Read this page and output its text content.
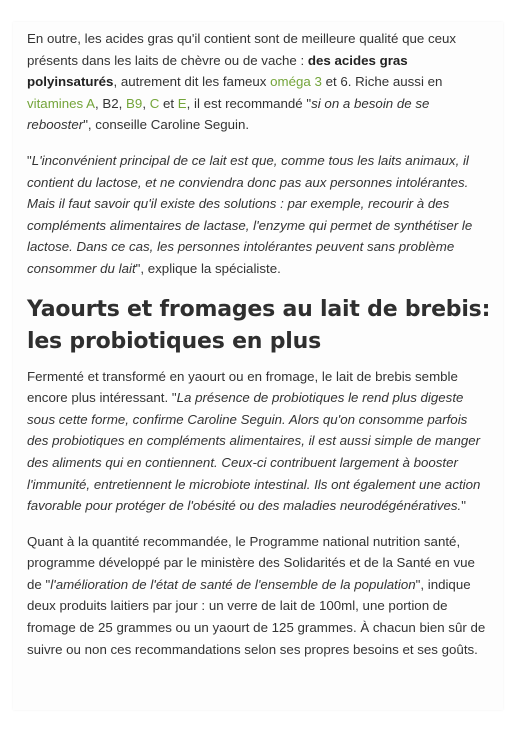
En outre, les acides gras qu'il contient sont de meilleure qualité que ceux présents dans les laits de chèvre ou de vache : des acides gras polyinsaturés, autrement dit les fameux oméga 3 et 6. Riche aussi en vitamines A, B2, B9, C et E, il est recommandé "si on a besoin de se rebooster", conseille Caroline Seguin.

"L'inconvénient principal de ce lait est que, comme tous les laits animaux, il contient du lactose, et ne conviendra donc pas aux personnes intolérantes. Mais il faut savoir qu'il existe des solutions : par exemple, recourir à des compléments alimentaires de lactase, l'enzyme qui permet de synthétiser le lactose. Dans ce cas, les personnes intolérantes peuvent sans problème consommer du lait", explique la spécialiste.

Yaourts et fromages au lait de brebis: les probiotiques en plus

Fermenté et transformé en yaourt ou en fromage, le lait de brebis semble encore plus intéressant. "La présence de probiotiques le rend plus digeste sous cette forme, confirme Caroline Seguin. Alors qu'on consomme parfois des probiotiques en compléments alimentaires, il est aussi simple de manger des aliments qui en contiennent. Ceux-ci contribuent largement à booster l'immunité, entretiennent le microbiote intestinal. Ils ont également une action favorable pour protéger de l'obésité ou des maladies neurodégénératives."

Quant à la quantité recommandée, le Programme national nutrition santé, programme développé par le ministère des Solidarités et de la Santé en vue de "l'amélioration de l'état de santé de l'ensemble de la population", indique deux produits laitiers par jour : un verre de lait de 100ml, une portion de fromage de 25 grammes ou un yaourt de 125 grammes. À chacun bien sûr de suivre ou non ces recommandations selon ses propres besoins et ses goûts.
